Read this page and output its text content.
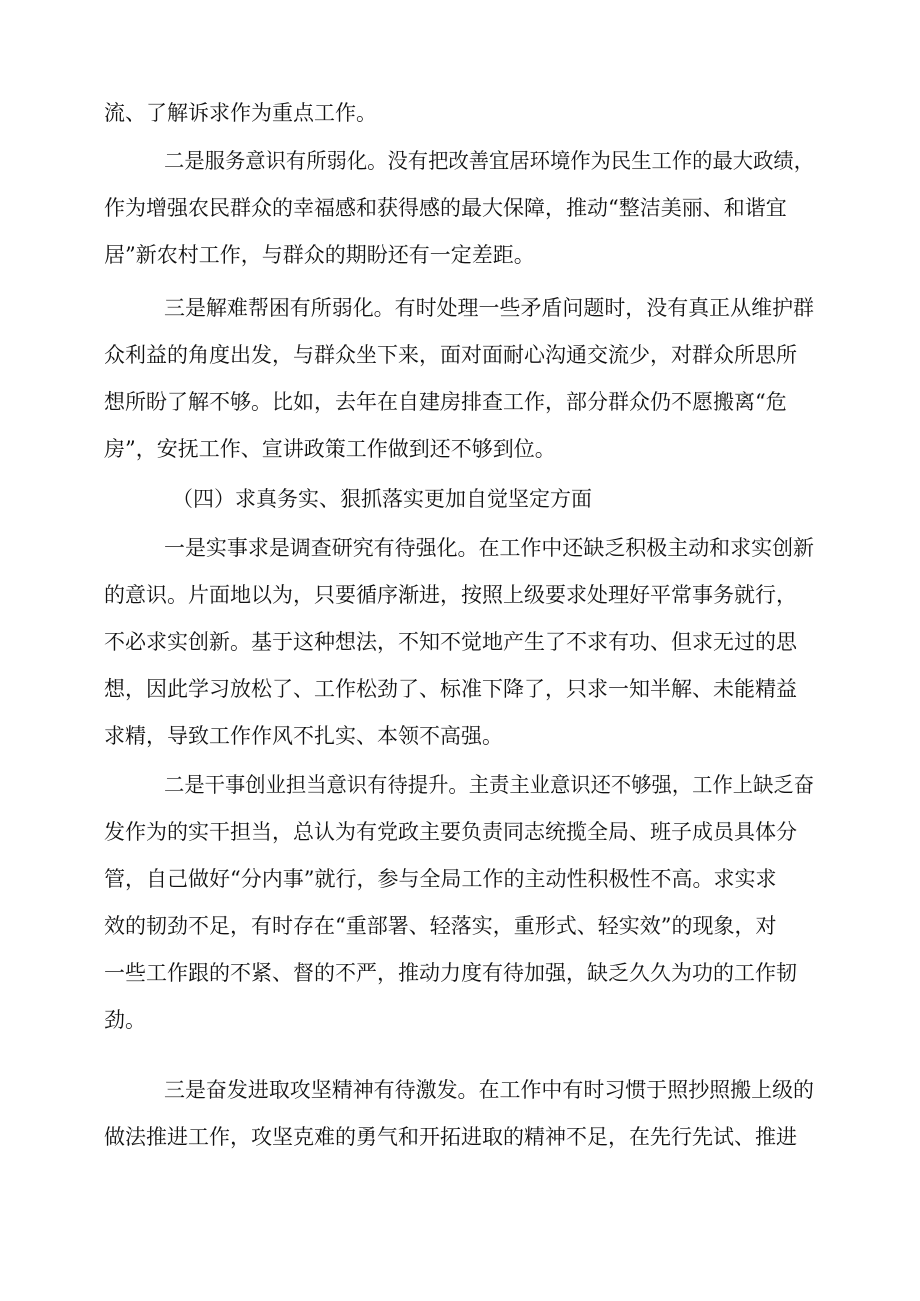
流、了解诉求作为重点工作。
二是服务意识有所弱化。没有把改善宜居环境作为民生工作的最大政绩，
作为增强农民群众的幸福感和获得感的最大保障，推动“整洁美丽、和谐宜
居”新农村工作，与群众的期盼还有一定差距。
三是解难帮困有所弱化。有时处理一些矛盾问题时，没有真正从维护群
众利益的角度出发，与群众坐下来，面对面耐心沟通交流少，对群众所思所
想所盼了解不够。比如，去年在自建房排查工作，部分群众仍不愿搬离“危
房”，安抚工作、宣讲政策工作做到还不够到位。
（四）求真务实、狠抓落实更加自觉坚定方面
一是实事求是调查研究有待强化。在工作中还缺乏积极主动和求实创新
的意识。片面地以为，只要循序渐进，按照上级要求处理好平常事务就行，
不必求实创新。基于这种想法，不知不觉地产生了不求有功、但求无过的思
想，因此学习放松了、工作松劲了、标准下降了，只求一知半解、未能精益
求精，导致工作作风不扎实、本领不高强。
二是干事创业担当意识有待提升。主责主业意识还不够强，工作上缺乏奋
发作为的实干担当，总认为有党政主要负责同志统揽全局、班子成员具体分
管，自己做好“分内事”就行，参与全局工作的主动性积极性不高。求实求
效的韧劲不足，有时存在“重部署、轻落实，重形式、轻实效”的现象，对
一些工作跟的不紧、督的不严，推动力度有待加强，缺乏久久为功的工作韧
劲。
三是奋发进取攻坚精神有待激发。在工作中有时习惯于照抄照搬上级的
做法推进工作，攻坚克难的勇气和开拓进取的精神不足，在先行先试、推进
